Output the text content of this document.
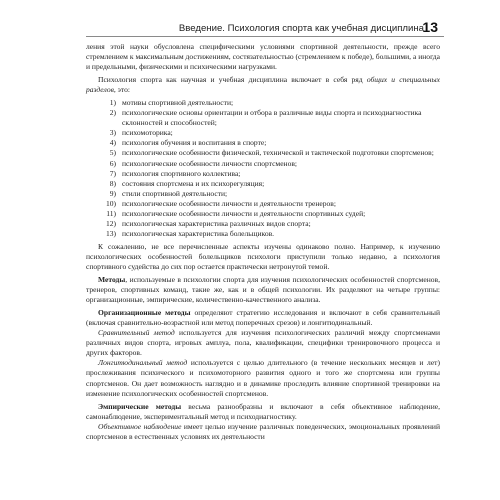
Введение. Психология спорта как учебная дисциплина
13

ления этой науки обусловлена специфическими условиями спортивной деятельности, прежде всего стремлением к максимальным достижениям, состязательностью (стремлением к победе), большими, а иногда и предельными, физическими и психическими нагрузками.

Психология спорта как научная и учебная дисциплина включает в себя ряд общих и специальных разделов, это:

1) мотивы спортивной деятельности;
2) психологические основы ориентации и отбора в различные виды спорта и психодиагностика склонностей и способностей;
3) психомоторика;
4) психология обучения и воспитания в спорте;
5) психологические особенности физической, технической и тактической подготовки спортсменов;
6) психологические особенности личности спортсменов;
7) психология спортивного коллектива;
8) состояния спортсмена и их психорегуляция;
9) стили спортивной деятельности;
10) психологические особенности личности и деятельности тренеров;
11) психологические особенности личности и деятельности спортивных судей;
12) психологическая характеристика различных видов спорта;
13) психологическая характеристика болельщиков.

К сожалению, не все перечисленные аспекты изучены одинаково полно. Например, к изучению психологических особенностей болельщиков психологи приступили только недавно, а психология спортивного судейства до сих пор остается практически нетронутой темой.

Методы, используемые в психологии спорта для изучения психологических особенностей спортсменов, тренеров, спортивных команд, такие же, как и в общей психологии. Их разделяют на четыре группы: организационные, эмпирические, количественно-качественного анализа.

Организационные методы определяют стратегию исследования и включают в себя сравнительный (включая сравнительно-возрастной или метод поперечных срезов) и лонгитюдинальный.

Сравнительный метод используется для изучения психологических различий между спортсменами различных видов спорта, игровых амплуа, пола, квалификации, специфики тренировочного процесса и других факторов.

Лонгитюдинальный метод используется с целью длительного (в течение нескольких месяцев и лет) прослеживания психического и психомоторного развития одного и того же спортсмена или группы спортсменов. Он дает возможность наглядно и в динамике проследить влияние спортивной тренировки на изменение психологических особенностей спортсменов.

Эмпирические методы весьма разнообразны и включают в себя объективное наблюдение, самонаблюдение, экспериментальный метод и психодиагностику.

Объективное наблюдение имеет целью изучение различных поведенческих, эмоциональных проявлений спортсменов в естественных условиях их деятельности
